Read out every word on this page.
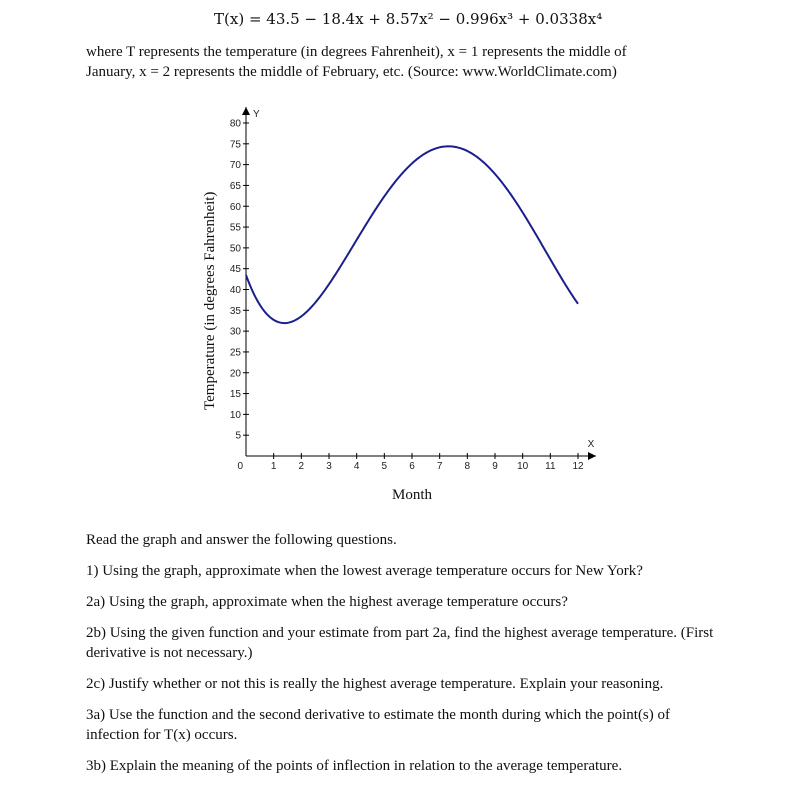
T(x) = 43.5 − 18.4x + 8.57x² − 0.996x³ + 0.0338x⁴

where T represents the temperature (in degrees Fahrenheit), x = 1 represents the middle of

January, x = 2 represents the middle of February, etc. (Source: www.WorldClimate.com)

Y
X
0
5
10
15
20
25
30
35
40
45
50
55
60
65
70
75
80
1 2 3 4 5 6 7 8 9 10 11 12
Temperature (in degrees Fahrenheit)
Month

Read the graph and answer the following questions.

1) Using the graph, approximate when the lowest average temperature occurs for New York?

2a) Using the graph, approximate when the highest average temperature occurs?

2b) Using the given function and your estimate from part 2a, find the highest average temperature. (First derivative is not necessary.)

2c) Justify whether or not this is really the highest average temperature. Explain your reasoning.

3a) Use the function and the second derivative to estimate the month during which the point(s) of infection for T(x) occurs.

3b) Explain the meaning of the points of inflection in relation to the average temperature.
